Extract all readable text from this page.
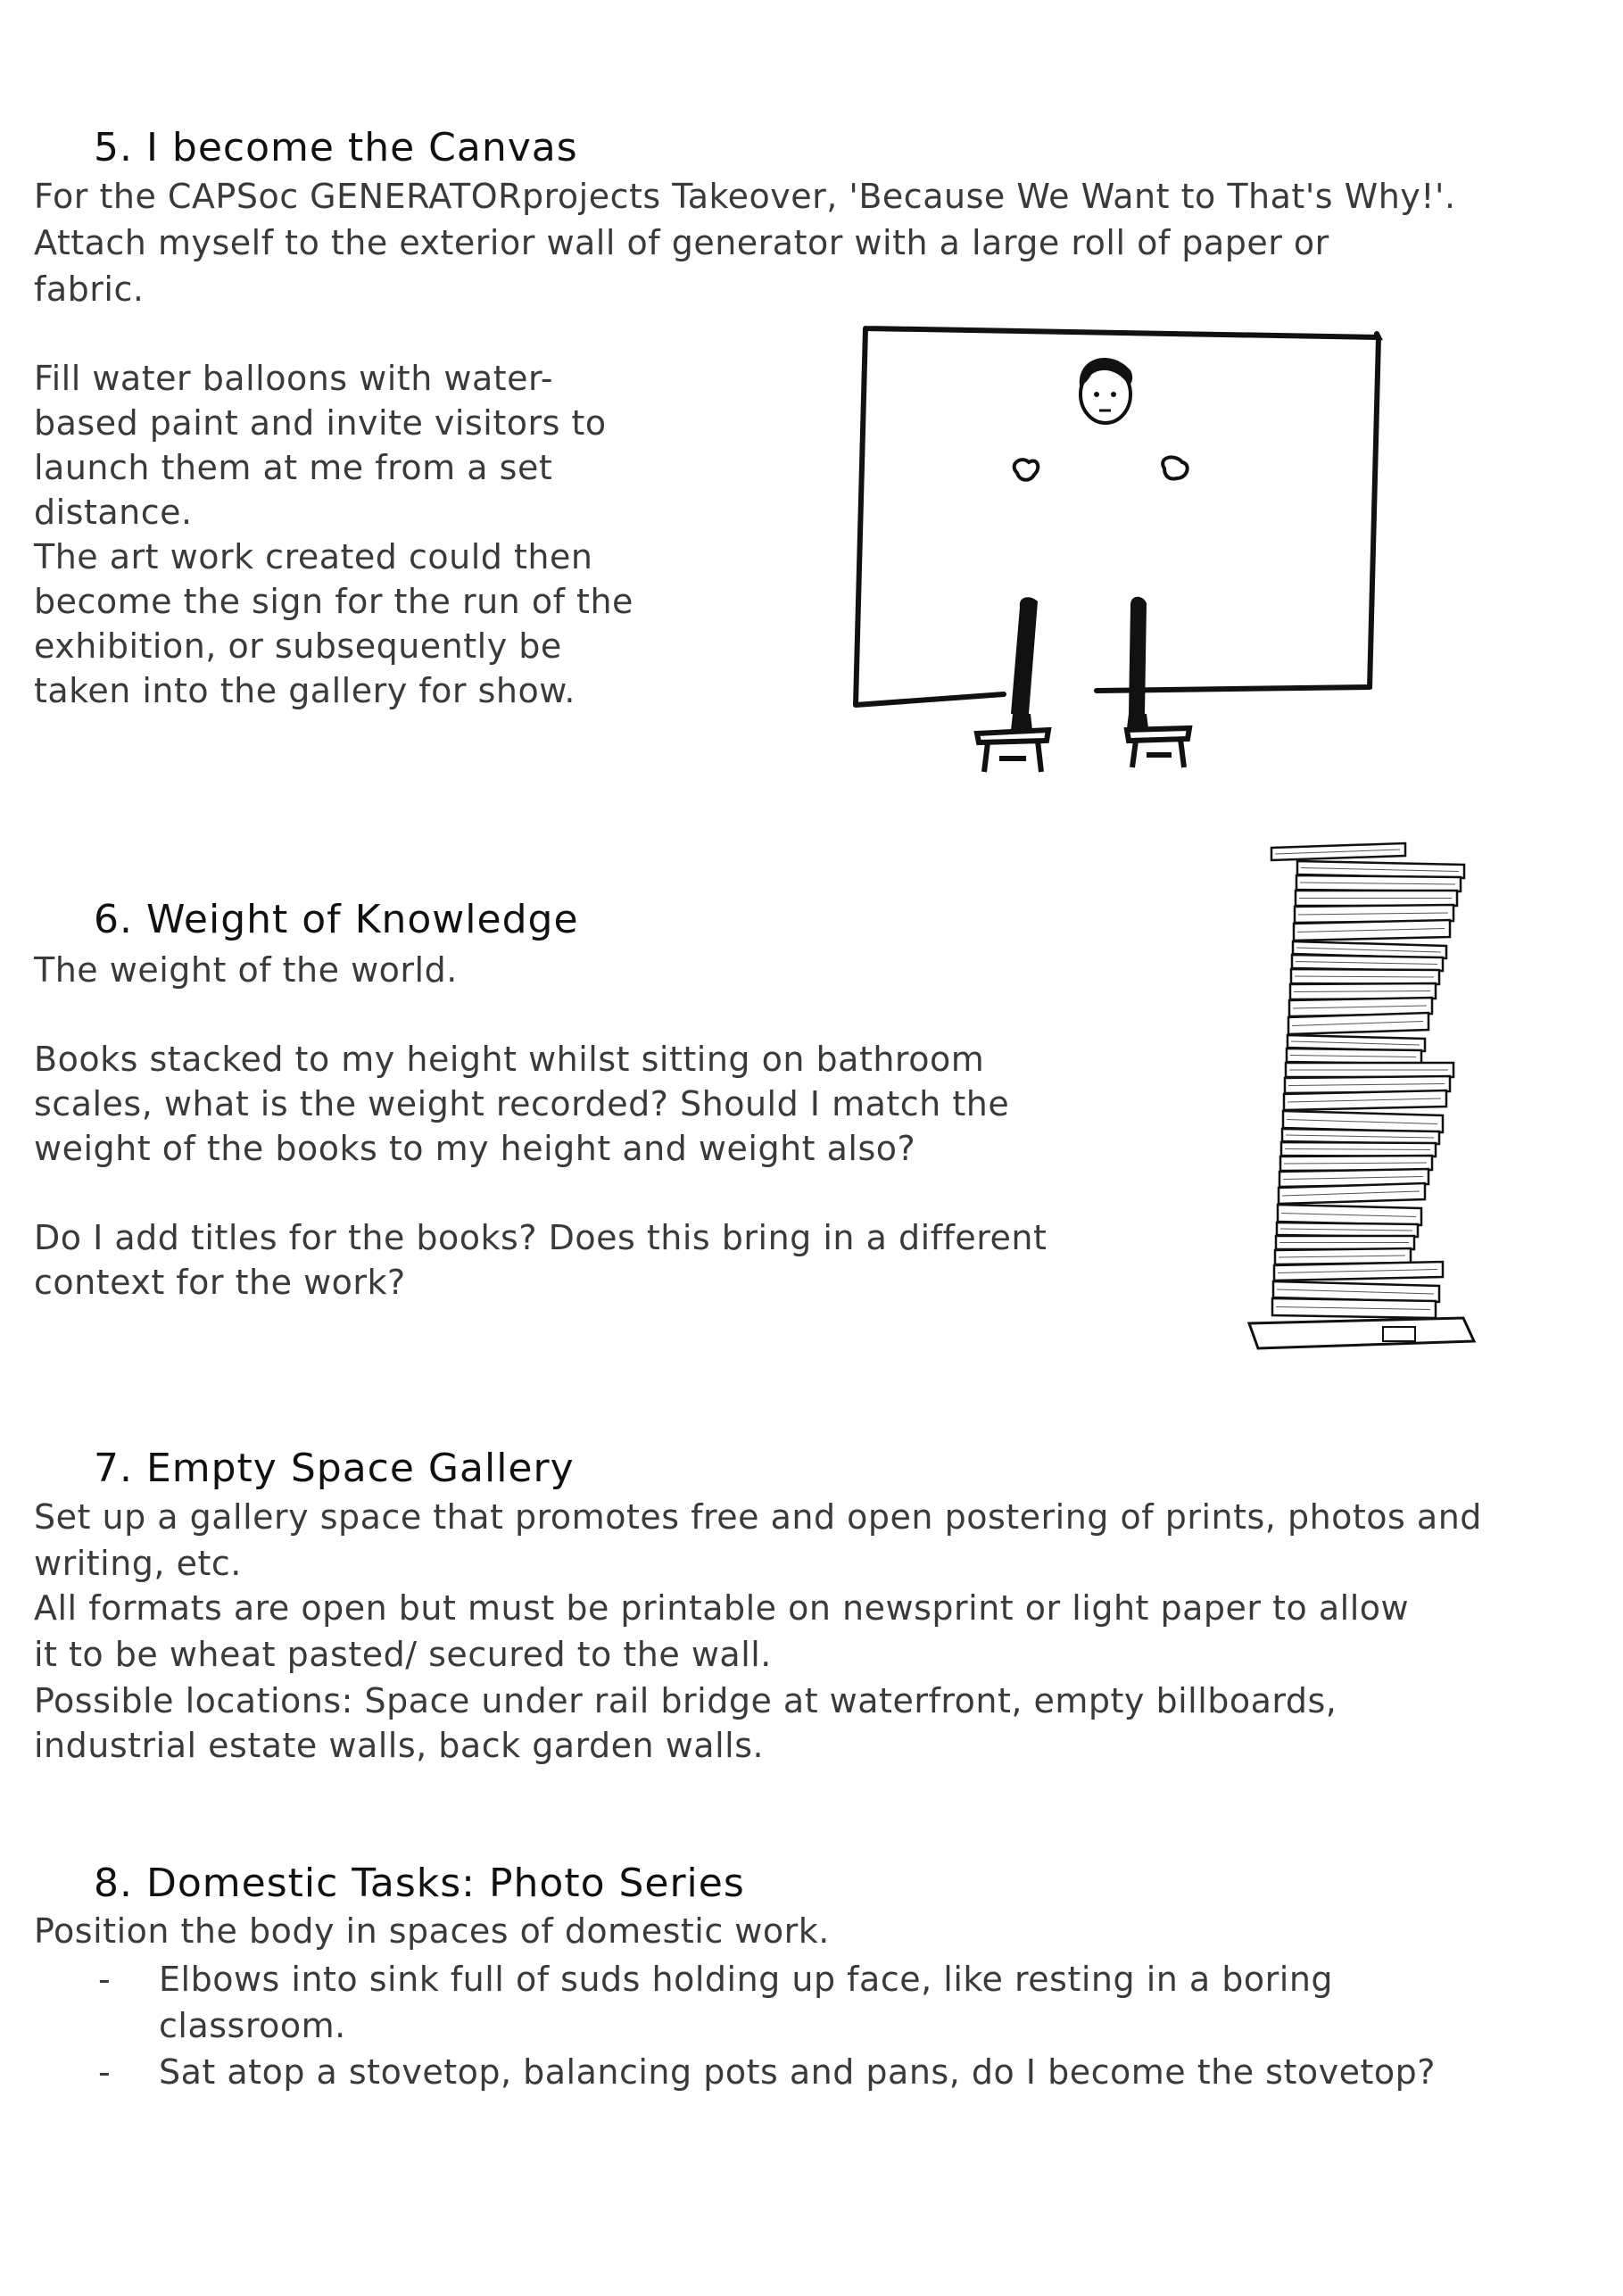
5. I become the Canvas
For the CAPSoc GENERATORprojects Takeover, 'Because We Want to That's Why!'.
Attach myself to the exterior wall of generator with a large roll of paper or
fabric.
Fill water balloons with water-
based paint and invite visitors to
launch them at me from a set
distance.
The art work created could then
become the sign for the run of the
exhibition, or subsequently be
taken into the gallery for show.
6. Weight of Knowledge
The weight of the world.
Books stacked to my height whilst sitting on bathroom
scales, what is the weight recorded? Should I match the
weight of the books to my height and weight also?
Do I add titles for the books? Does this bring in a different
context for the work?
7. Empty Space Gallery
Set up a gallery space that promotes free and open postering of prints, photos and
writing, etc.
All formats are open but must be printable on newsprint or light paper to allow
it to be wheat pasted/ secured to the wall.
Possible locations: Space under rail bridge at waterfront, empty billboards,
industrial estate walls, back garden walls.
8. Domestic Tasks: Photo Series
Position the body in spaces of domestic work.
- Elbows into sink full of suds holding up face, like resting in a boring
classroom.
- Sat atop a stovetop, balancing pots and pans, do I become the stovetop?
